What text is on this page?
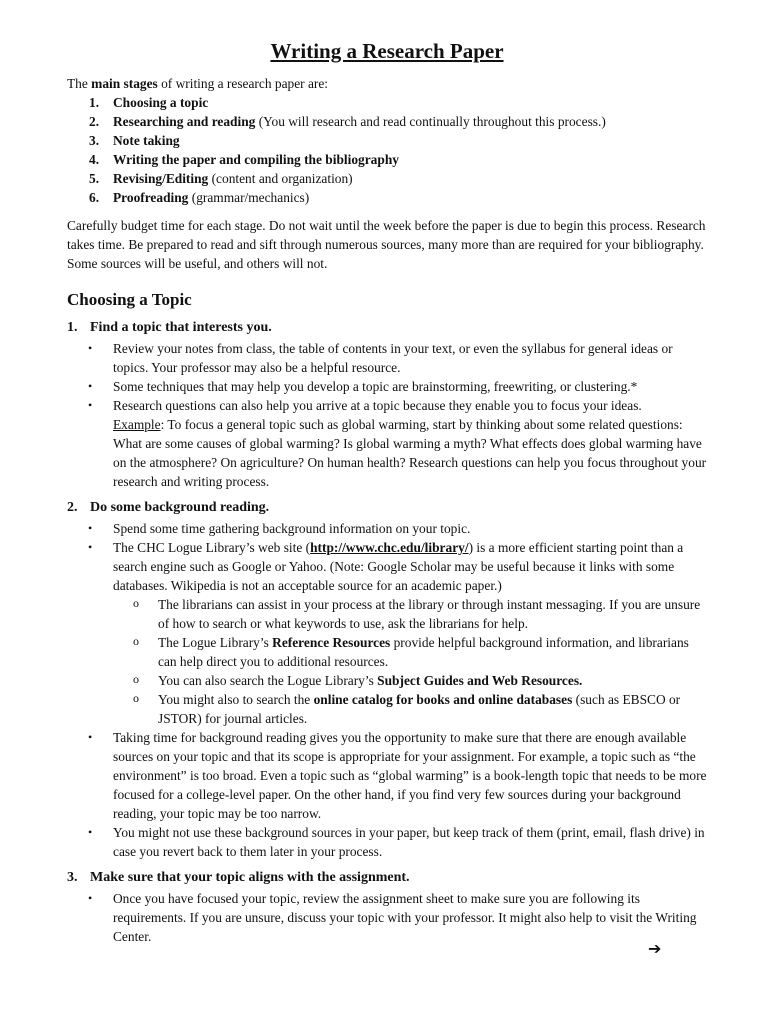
Writing a Research Paper

The main stages of writing a research paper are:

1. Choosing a topic
2. Researching and reading (You will research and read continually throughout this process.)
3. Note taking
4. Writing the paper and compiling the bibliography
5. Revising/Editing (content and organization)
6. Proofreading (grammar/mechanics)

Carefully budget time for each stage. Do not wait until the week before the paper is due to begin this process. Research takes time. Be prepared to read and sift through numerous sources, many more than are required for your bibliography. Some sources will be useful, and others will not.

Choosing a Topic
1. Find a topic that interests you.
• Review your notes from class, the table of contents in your text, or even the syllabus for general ideas or topics. Your professor may also be a helpful resource.
• Some techniques that may help you develop a topic are brainstorming, freewriting, or clustering.*
• Research questions can also help you arrive at a topic because they enable you to focus your ideas.
Example: To focus a general topic such as global warming, start by thinking about some related questions: What are some causes of global warming? Is global warming a myth? What effects does global warming have on the atmosphere? On agriculture? On human health? Research questions can help you focus throughout your research and writing process.
2. Do some background reading.
• Spend some time gathering background information on your topic.
• The CHC Logue Library’s web site (http://www.chc.edu/library/) is a more efficient starting point than a search engine such as Google or Yahoo. (Note: Google Scholar may be useful because it links with some databases. Wikipedia is not an acceptable source for an academic paper.)
o The librarians can assist in your process at the library or through instant messaging. If you are unsure of how to search or what keywords to use, ask the librarians for help.
o The Logue Library’s Reference Resources provide helpful background information, and librarians can help direct you to additional resources.
o You can also search the Logue Library’s Subject Guides and Web Resources.
o You might also to search the online catalog for books and online databases (such as EBSCO or JSTOR) for journal articles.
• Taking time for background reading gives you the opportunity to make sure that there are enough available sources on your topic and that its scope is appropriate for your assignment. For example, a topic such as “the environment” is too broad. Even a topic such as “global warming” is a book-length topic that needs to be more focused for a college-level paper. On the other hand, if you find very few sources during your background reading, your topic may be too narrow.
• You might not use these background sources in your paper, but keep track of them (print, email, flash drive) in case you revert back to them later in your process.
3. Make sure that your topic aligns with the assignment.
• Once you have focused your topic, review the assignment sheet to make sure you are following its requirements. If you are unsure, discuss your topic with your professor. It might also help to visit the Writing Center.
➔
